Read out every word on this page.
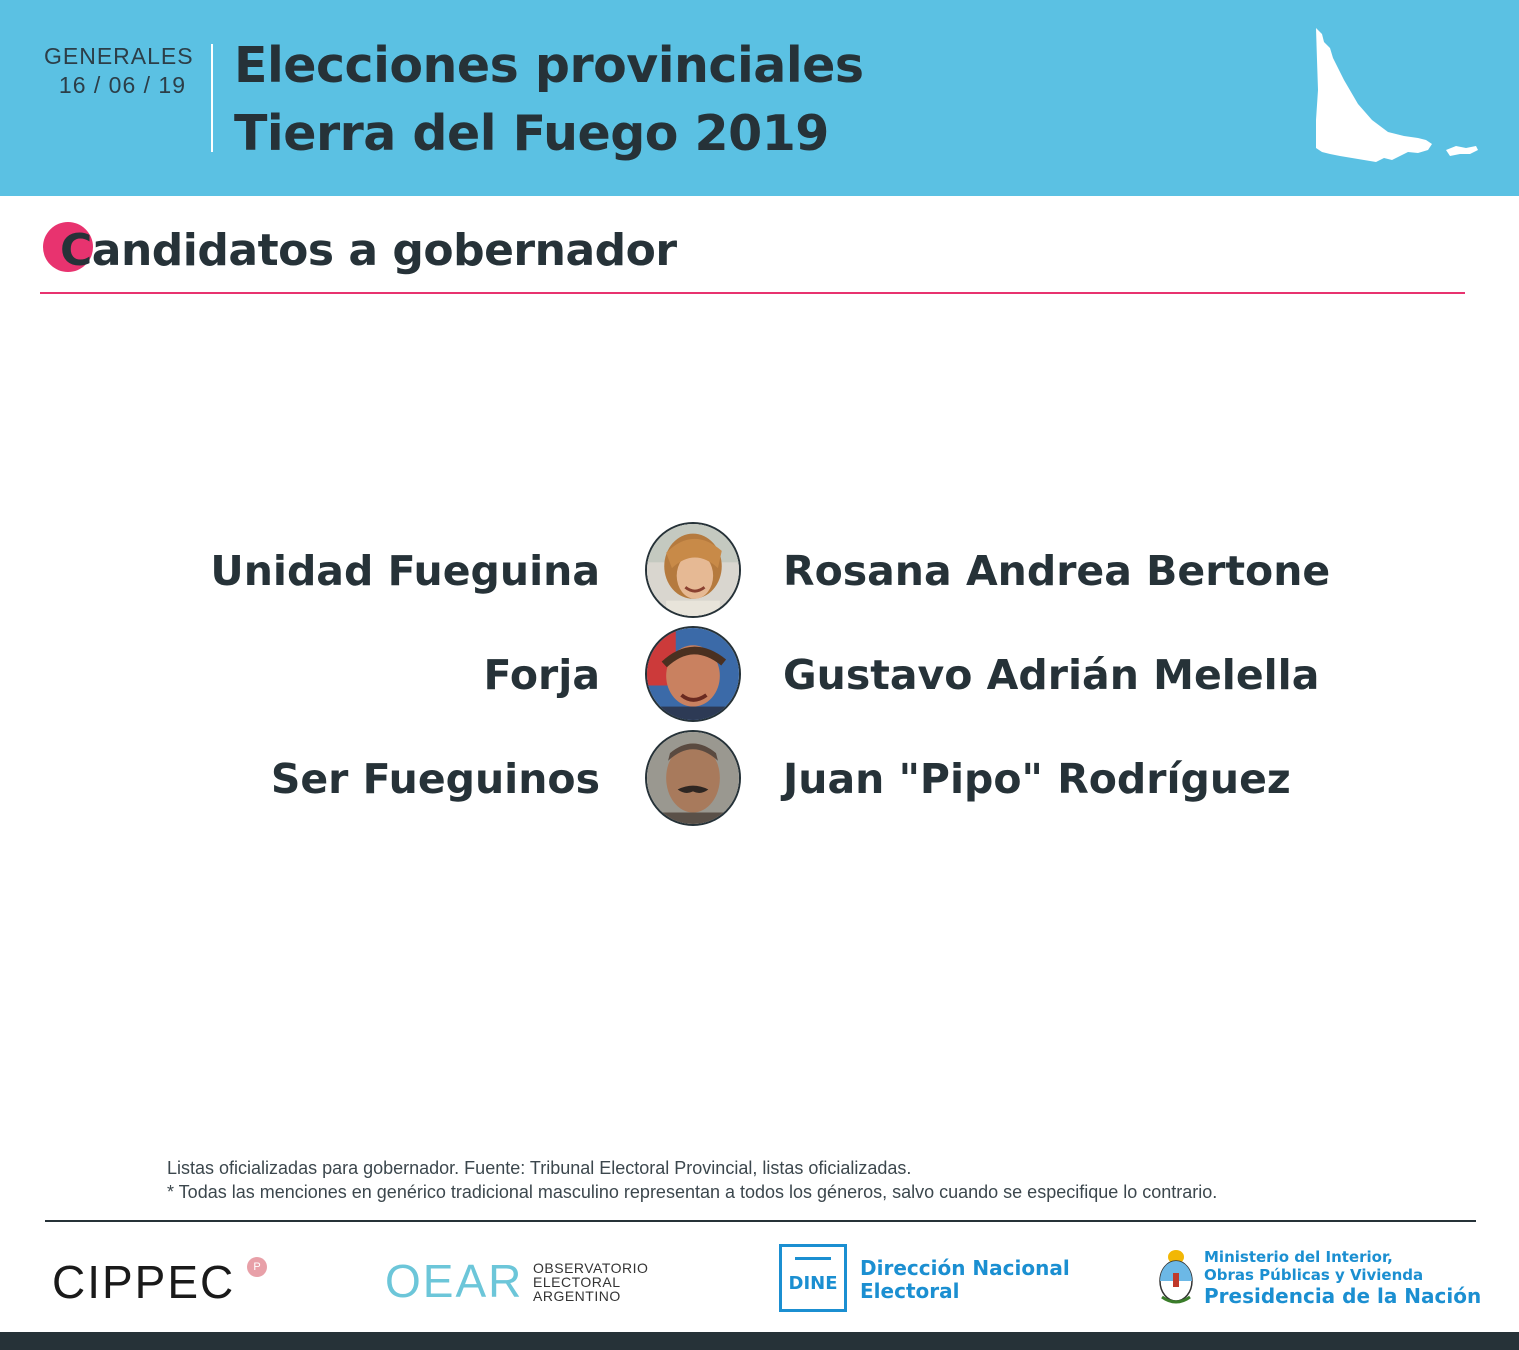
GENERALES
16 / 06 / 19 Elecciones provinciales
Tierra del Fuego 2019
Candidatos a gobernador
Unidad Fueguina	Rosana Andrea Bertone
Forja	Gustavo Adrián Melella
Ser Fueguinos	Juan "Pipo" Rodríguez
Listas oficializadas para gobernador. Fuente: Tribunal Electoral Provincial, listas oficializadas.
* Todas las menciones en genérico tradicional masculino representan a todos los géneros, salvo cuando se especifique lo contrario.
CIPPEC	P	OEAR OBSERVATORIO
ELECTORAL
ARGENTINO
DINE
Dirección Nacional
Electoral
Ministerio del Interior,
Obras Públicas y Vivienda
Presidencia de la Nación
